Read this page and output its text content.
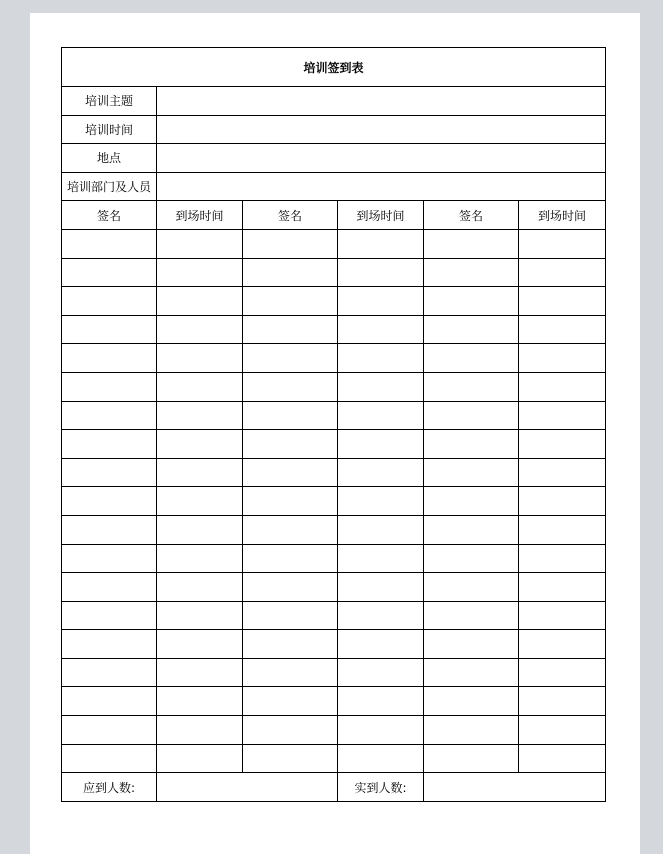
培训签到表					
培训主题					
培训时间					
地点					
培训部门及人员					
签名	到场时间	签名	到场时间	签名	到场时间

应到人数:			实到人数:		
